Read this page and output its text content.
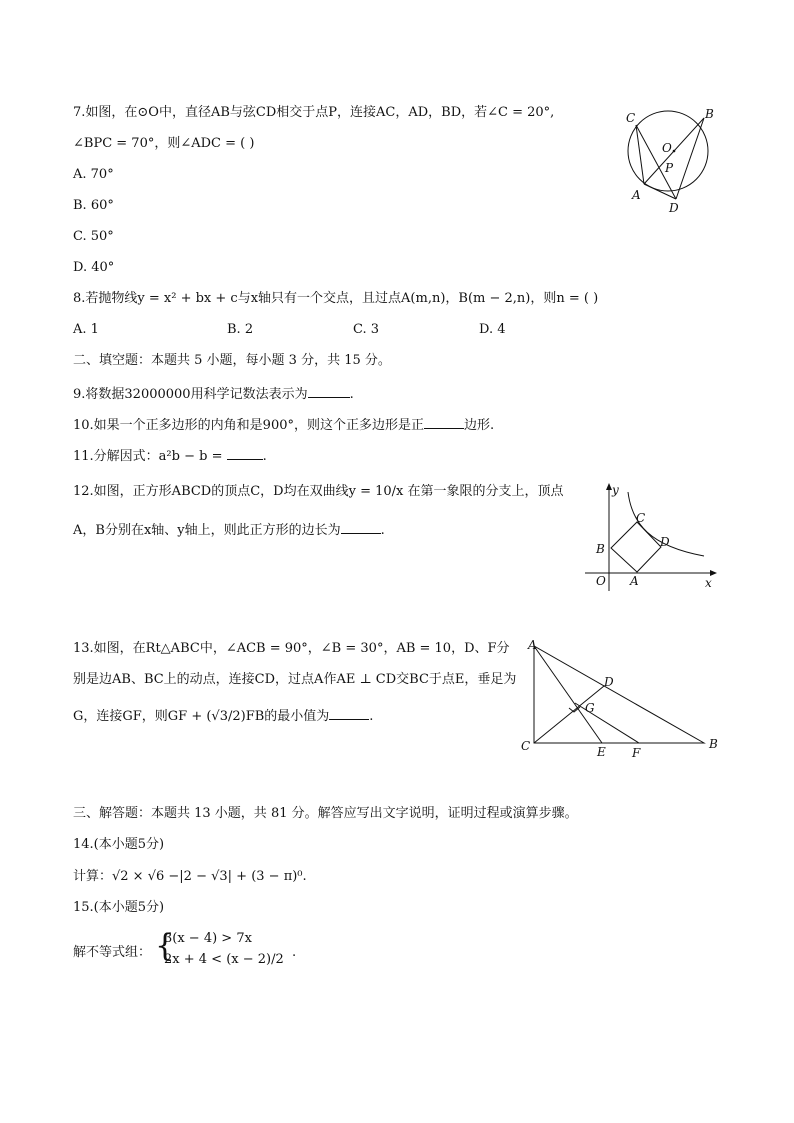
7.如图，在⊙O中，直径AB与弦CD相交于点P，连接AC，AD，BD，若∠C = 20°,
∠BPC = 70°，则∠ADC = ( )
A. 70°
B. 60°
C. 50°
D. 40°
C	B
O
P
A
D
8.若抛物线y = x² + bx + c与x轴只有一个交点，且过点A(m,n)，B(m − 2,n)，则n = ( )
A. 1	B. 2	C. 3	D. 4
二、填空题：本题共 5 小题，每小题 3 分，共 15 分。
9.将数据32000000用科学记数法表示为	.
10.如果一个正多边形的内角和是900°，则这个正多边形是正	边形.
11.分解因式：a²b − b =	.
12.如图，正方形ABCD的顶点C，D均在双曲线y = 10/x 在第一象限的分支上，顶点
A，B分别在x轴、y轴上，则此正方形的边长为	.
y
C
D
B
O A	x
13.如图，在Rt△ABC中，∠ACB = 90°，∠B = 30°，AB = 10，D、F分
别是边AB、BC上的动点，连接CD，过点A作AE ⊥ CD交BC于点E，垂足为
G，连接GF，则GF + (√3/2)FB的最小值为	.
A
D
G
C	E F
B
三、解答题：本题共 13 小题，共 81 分。解答应写出文字说明，证明过程或演算步骤。
14.(本小题5分)
计算：√2 × √6 −|2 − √3| + (3 − π)⁰.
15.(本小题5分)
解不等式组： {
3(x − 4) > 7x
2x + 4 < (x − 2)/2 .
